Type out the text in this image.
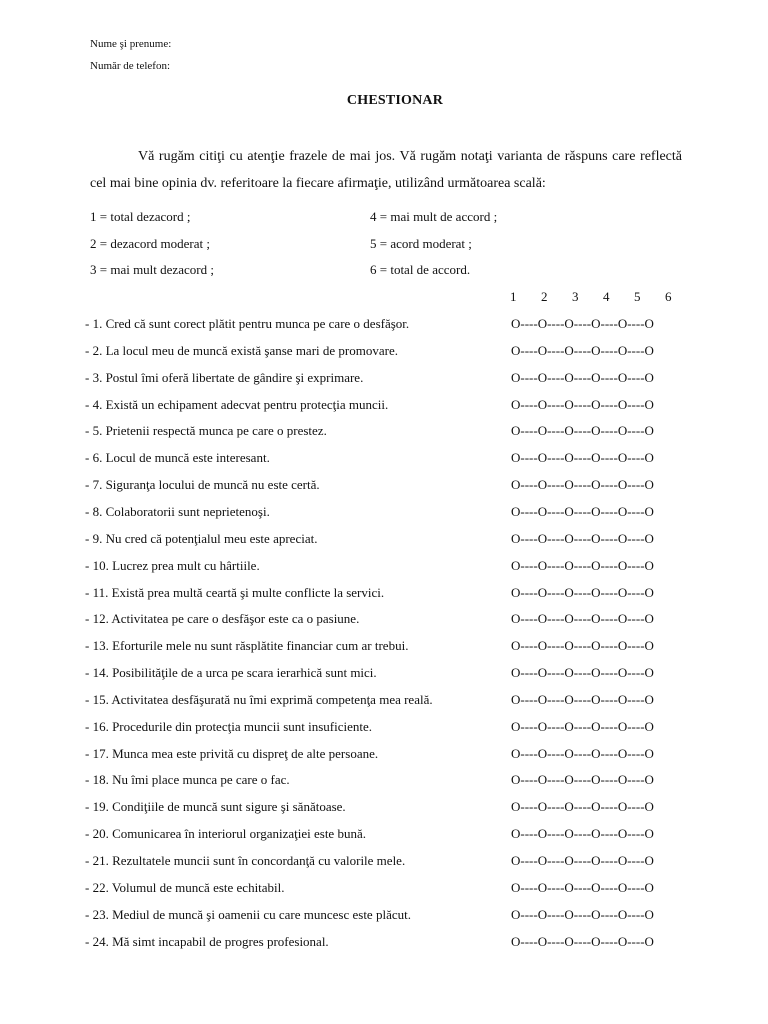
Nume şi prenume:
Număr de telefon:
CHESTIONAR
Vă rugăm citiţi cu atenţie frazele de mai jos. Vă rugăm notaţi varianta de răspuns care reflectă cel mai bine opinia dv. referitoare la fiecare afirmaţie, utilizând următoarea scală:
1 = total dezacord ;
2 = dezacord moderat ;
3 = mai mult dezacord ;
4 = mai mult de accord ;
5 = acord moderat ;
6 = total de accord.
1 2 3 4 5 6
- 1. Cred că sunt corect plătit pentru munca pe care o desfăşor.	O----O----O----O----O----O
- 2. La locul meu de muncă există şanse mari de promovare.	O----O----O----O----O----O
- 3. Postul îmi oferă libertate de gândire şi exprimare.	O----O----O----O----O----O
- 4. Există un echipament adecvat pentru protecţia muncii.	O----O----O----O----O----O
- 5. Prietenii respectă munca pe care o prestez.	O----O----O----O----O----O
- 6. Locul de muncă este interesant.	O----O----O----O----O----O
- 7. Siguranţa locului de muncă nu este certă.	O----O----O----O----O----O
- 8. Colaboratorii sunt neprietenoşi.	O----O----O----O----O----O
- 9. Nu cred că potenţialul meu este apreciat.	O----O----O----O----O----O
- 10. Lucrez prea mult cu hârtiile.	O----O----O----O----O----O
- 11. Există prea multă ceartă şi multe conflicte la servici.	O----O----O----O----O----O
- 12. Activitatea pe care o desfăşor este ca o pasiune.	O----O----O----O----O----O
- 13. Eforturile mele nu sunt răsplătite financiar cum ar trebui.	O----O----O----O----O----O
- 14. Posibilităţile de a urca pe scara ierarhică sunt mici.	O----O----O----O----O----O
- 15. Activitatea desfăşurată nu îmi exprimă competenţa mea reală.	O----O----O----O----O----O
- 16. Procedurile din protecţia muncii sunt insuficiente.	O----O----O----O----O----O
- 17. Munca mea este privită cu dispreţ de alte persoane.	O----O----O----O----O----O
- 18. Nu îmi place munca pe care o fac.	O----O----O----O----O----O
- 19. Condiţiile de muncă sunt sigure şi sănătoase.	O----O----O----O----O----O
- 20. Comunicarea în interiorul organizaţiei este bună.	O----O----O----O----O----O
- 21. Rezultatele muncii sunt în concordanţă cu valorile mele.	O----O----O----O----O----O
- 22. Volumul de muncă este echitabil.	O----O----O----O----O----O
- 23. Mediul de muncă şi oamenii cu care muncesc este plăcut.	O----O----O----O----O----O
- 24. Mă simt incapabil de progres profesional.	O----O----O----O----O----O
